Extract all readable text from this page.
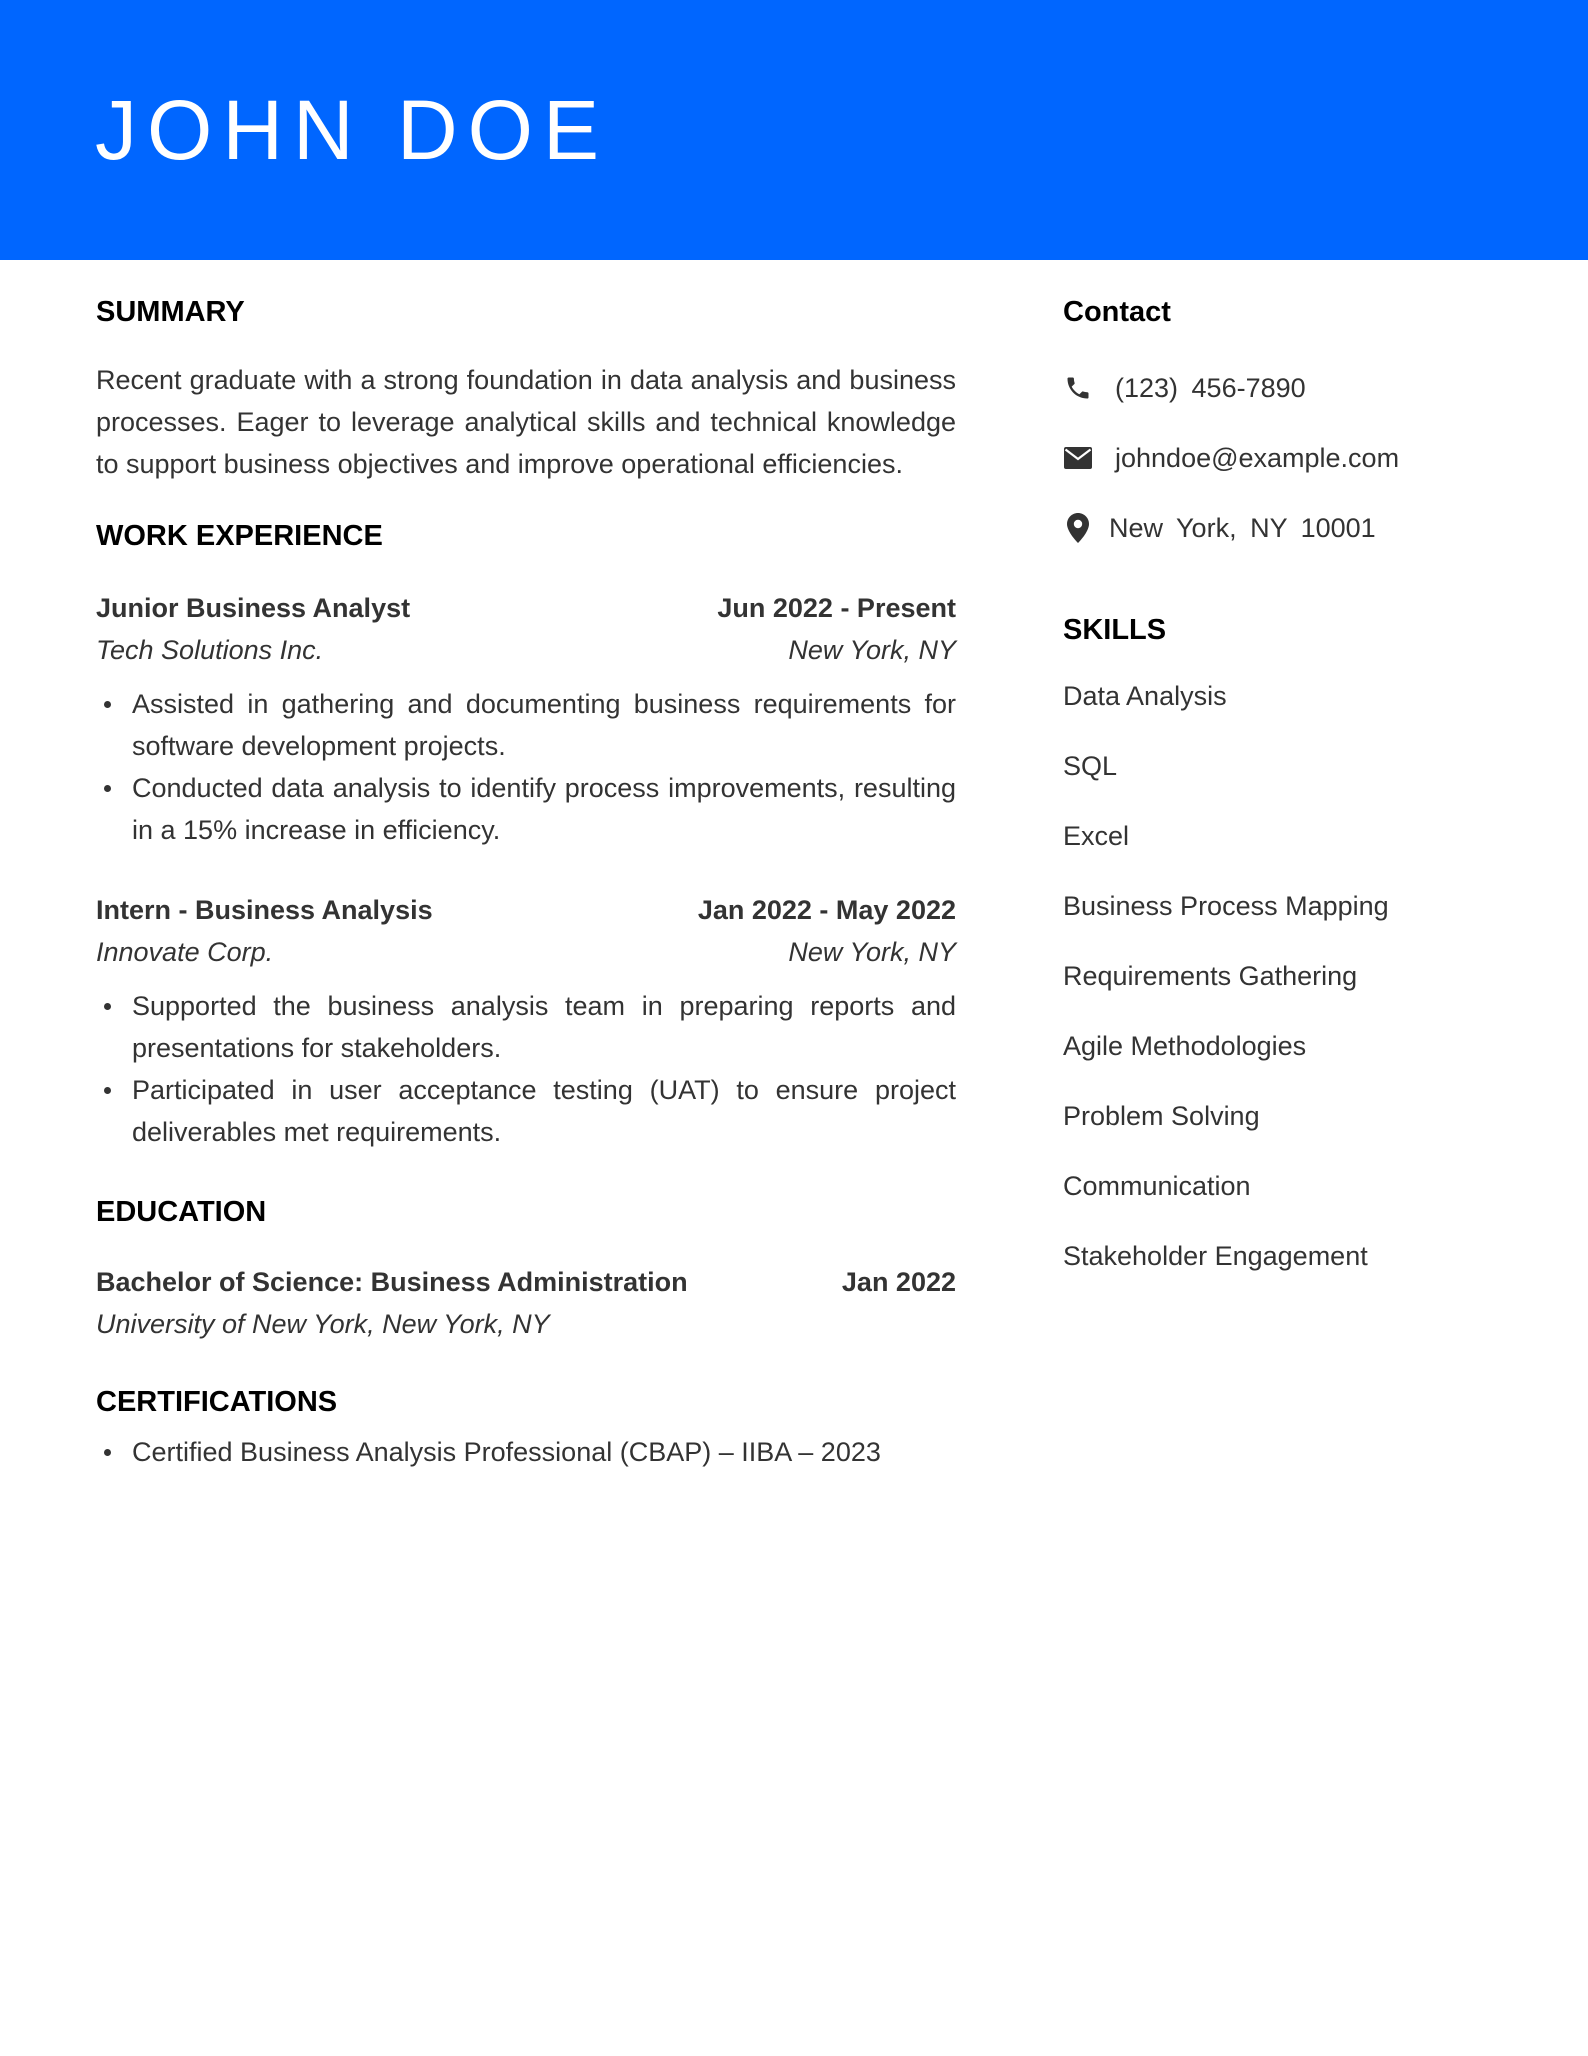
JOHN DOE
SUMMARY
Recent graduate with a strong foundation in data analysis and business processes. Eager to leverage analytical skills and technical knowledge to support business objectives and improve operational efficiencies.
WORK EXPERIENCE
Junior Business Analyst	Jun 2022 - Present
Tech Solutions Inc.	New York, NY
Assisted in gathering and documenting business requirements for software development projects.
Conducted data analysis to identify process improvements, resulting in a 15% increase in efficiency.
Intern - Business Analysis	Jan 2022 - May 2022
Innovate Corp.	New York, NY
Supported the business analysis team in preparing reports and presentations for stakeholders.
Participated in user acceptance testing (UAT) to ensure project deliverables met requirements.
EDUCATION
Bachelor of Science: Business Administration	Jan 2022
University of New York, New York, NY
CERTIFICATIONS
Certified Business Analysis Professional (CBAP) – IIBA – 2023
Contact
(123) 456-7890
johndoe@example.com
New York, NY 10001
SKILLS
Data Analysis
SQL
Excel
Business Process Mapping
Requirements Gathering
Agile Methodologies
Problem Solving
Communication
Stakeholder Engagement
